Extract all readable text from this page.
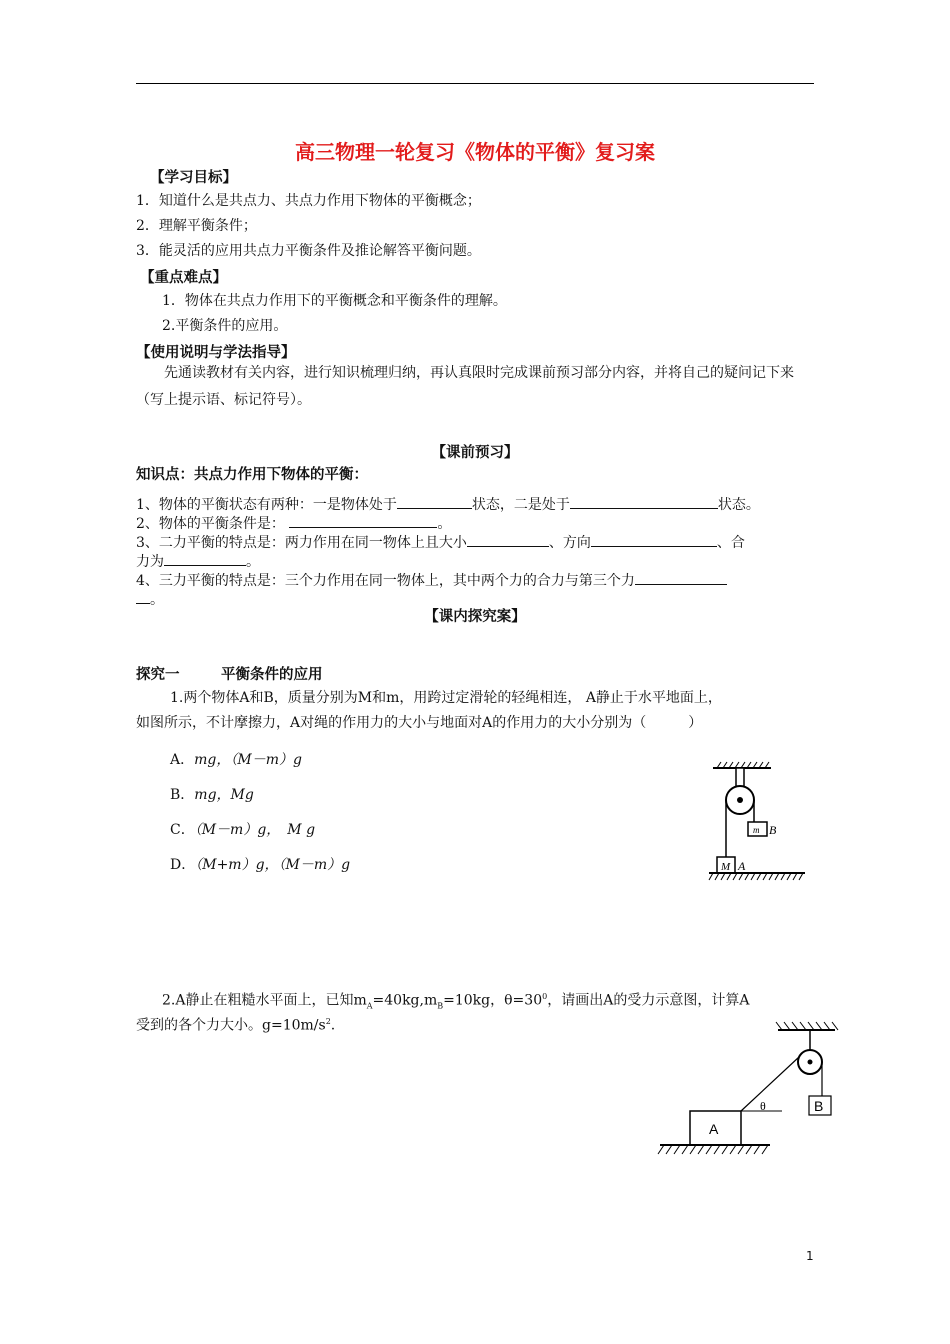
高三物理一轮复习《物体的平衡》复习案
【学习目标】
1．知道什么是共点力、共点力作用下物体的平衡概念；
2．理解平衡条件；
3．能灵活的应用共点力平衡条件及推论解答平衡问题。
【重点难点】
1．物体在共点力作用下的平衡概念和平衡条件的理解。
2.平衡条件的应用。
【使用说明与学法指导】
先通读教材有关内容，进行知识梳理归纳，再认真限时完成课前预习部分内容，并将自己的疑问记下来（写上提示语、标记符号）。
【课前预习】
知识点：共点力作用下物体的平衡：
1、物体的平衡状态有两种：一是物体处于	状态，二是处于	状态。
2、物体的平衡条件是：	。
3、二力平衡的特点是：两力作用在同一物体上且大小	、方向	、合
力为	。
4、三力平衡的特点是：三个力作用在同一物体上，其中两个力的合力与第三个力
。
【课内探究案】
探究一	平衡条件的应用
1.两个物体A和B，质量分别为M和m，用跨过定滑轮的轻绳相连， A静止于水平地面上，
如图所示，不计摩擦力，A对绳的作用力的大小与地面对A的作用力的大小分别为（　　　）
A．mg，（M－m）g
B．mg，Mg
C．（M－m）g，　M g
D．（M+m）g，（M－m）g
m B
M A
2.A静止在粗糙水平面上，已知$m_A=40kg,m_B=10kg$，$\theta=30^0$，请画出A的受力示意图，计算A
受到的各个力大小。$g=10m/s^2$.
B
θ
A
1
